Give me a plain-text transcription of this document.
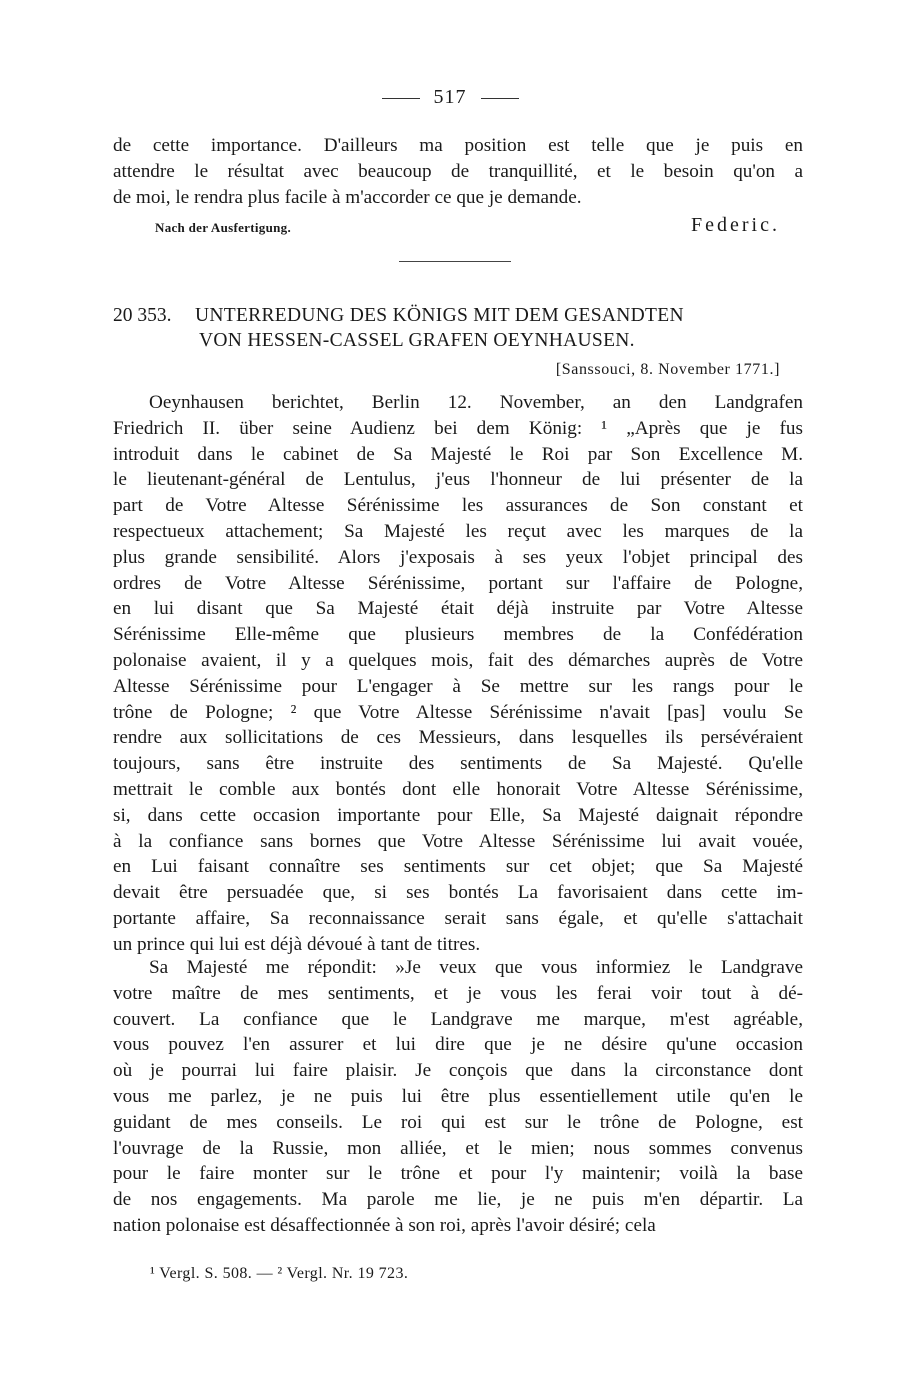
517

de cette importance. D'ailleurs ma position est telle que je puis en
attendre le résultat avec beaucoup de tranquillité, et le besoin qu'on a
de moi, le rendra plus facile à m'accorder ce que je demande.

Nach der Ausfertigung.	Federic.
20 353. UNTERREDUNG DES KÖNIGS MIT DEM GESANDTEN
VON HESSEN-CASSEL GRAFEN OEYNHAUSEN.
[Sanssouci, 8. November 1771.]

Oeynhausen berichtet, Berlin 12. November, an den Landgrafen
Friedrich II. über seine Audienz bei dem König: ¹ „Après que je fus
introduit dans le cabinet de Sa Majesté le Roi par Son Excellence M.
le lieutenant-général de Lentulus, j'eus l'honneur de lui présenter de la
part de Votre Altesse Sérénissime les assurances de Son constant et
respectueux attachement; Sa Majesté les reçut avec les marques de la
plus grande sensibilité. Alors j'exposais à ses yeux l'objet principal des
ordres de Votre Altesse Sérénissime, portant sur l'affaire de Pologne,
en lui disant que Sa Majesté était déjà instruite par Votre Altesse
Sérénissime Elle-même que plusieurs membres de la Confédération
polonaise avaient, il y a quelques mois, fait des démarches auprès de Votre
Altesse Sérénissime pour L'engager à Se mettre sur les rangs pour le
trône de Pologne; ² que Votre Altesse Sérénissime n'avait [pas] voulu Se
rendre aux sollicitations de ces Messieurs, dans lesquelles ils persévéraient
toujours, sans être instruite des sentiments de Sa Majesté. Qu'elle
mettrait le comble aux bontés dont elle honorait Votre Altesse Sérénissime,
si, dans cette occasion importante pour Elle, Sa Majesté daignait répondre
à la confiance sans bornes que Votre Altesse Sérénissime lui avait vouée,
en Lui faisant connaître ses sentiments sur cet objet; que Sa Majesté
devait être persuadée que, si ses bontés La favorisaient dans cette im-
portante affaire, Sa reconnaissance serait sans égale, et qu'elle s'attachait
un prince qui lui est déjà dévoué à tant de titres.

Sa Majesté me répondit: »Je veux que vous informiez le Landgrave
votre maître de mes sentiments, et je vous les ferai voir tout à dé-
couvert. La confiance que le Landgrave me marque, m'est agréable,
vous pouvez l'en assurer et lui dire que je ne désire qu'une occasion
où je pourrai lui faire plaisir. Je conçois que dans la circonstance dont
vous me parlez, je ne puis lui être plus essentiellement utile qu'en le
guidant de mes conseils. Le roi qui est sur le trône de Pologne, est
l'ouvrage de la Russie, mon alliée, et le mien; nous sommes convenus
pour le faire monter sur le trône et pour l'y maintenir; voilà la base
de nos engagements. Ma parole me lie, je ne puis m'en départir. La
nation polonaise est désaffectionnée à son roi, après l'avoir désiré; cela

¹ Vergl. S. 508. — ² Vergl. Nr. 19 723.
